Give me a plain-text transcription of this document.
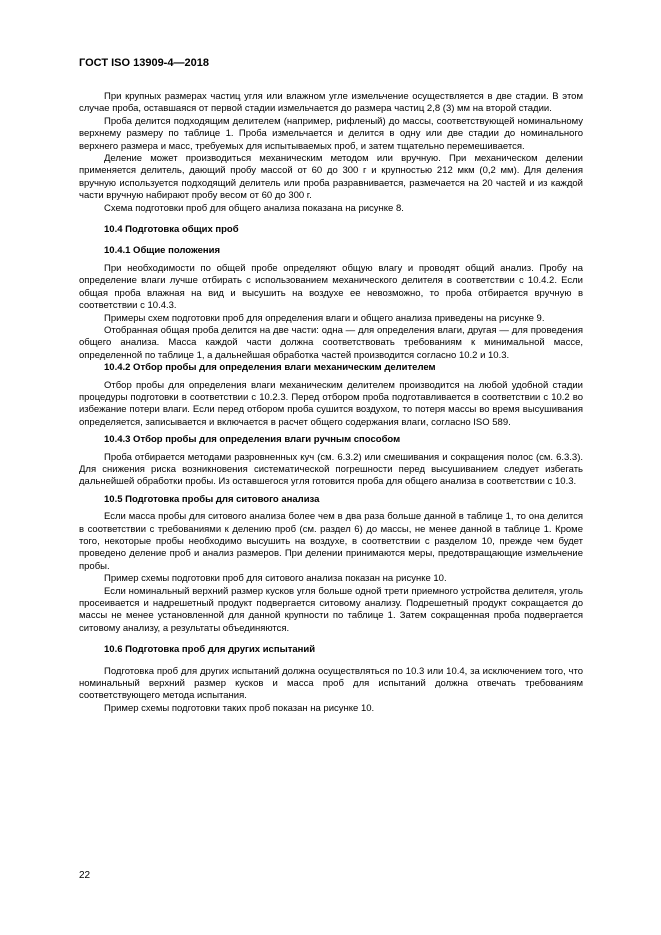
ГОСТ ISO 13909-4—2018

При крупных размерах частиц угля или влажном угле измельчение осуществляется в две стадии. В этом случае проба, оставшаяся от первой стадии измельчается до размера частиц 2,8 (3) мм на второй стадии.

Проба делится подходящим делителем (например, рифленый) до массы, соответствующей номинальному верхнему размеру по таблице 1. Проба измельчается и делится в одну или две стадии до номинального верхнего размера и масс, требуемых для испытываемых проб, и затем тщательно перемешивается.

Деление может производиться механическим методом или вручную. При механическом делении применяется делитель, дающий пробу массой от 60 до 300 г и крупностью 212 мкм (0,2 мм). Для деления вручную используется подходящий делитель или проба разравнивается, размечается на 20 частей и из каждой части вручную набирают пробу весом от 60 до 300 г.

Схема подготовки проб для общего анализа показана на рисунке 8.

10.4 Подготовка общих проб

10.4.1 Общие положения

При необходимости по общей пробе определяют общую влагу и проводят общий анализ. Пробу на определение влаги лучше отбирать с использованием механического делителя в соответствии с 10.4.2. Если общая проба влажная на вид и высушить на воздухе ее невозможно, то проба отбирается вручную в соответствии с 10.4.3.

Примеры схем подготовки проб для определения влаги и общего анализа приведены на рисунке 9.

Отобранная общая проба делится на две части: одна — для определения влаги, другая — для проведения общего анализа. Масса каждой части должна соответствовать требованиям к минимальной массе, определенной по таблице 1, а дальнейшая обработка частей производится согласно 10.2 и 10.3.

10.4.2 Отбор пробы для определения влаги механическим делителем

Отбор пробы для определения влаги механическим делителем производится на любой удобной стадии процедуры подготовки в соответствии с 10.2.3. Перед отбором проба подготавливается в соответствии с 10.2 во избежание потери влаги. Если перед отбором проба сушится воздухом, то потеря массы во время высушивания определяется, записывается и включается в расчет общего содержания влаги, согласно ISO 589.

10.4.3 Отбор пробы для определения влаги ручным способом

Проба отбирается методами разровненных куч (см. 6.3.2) или смешивания и сокращения полос (см. 6.3.3). Для снижения риска возникновения систематической погрешности перед высушиванием следует избегать дальнейшей обработки пробы. Из оставшегося угля готовится проба для общего анализа в соответствии с 10.3.

10.5 Подготовка пробы для ситового анализа

Если масса пробы для ситового анализа более чем в два раза больше данной в таблице 1, то она делится в соответствии с требованиями к делению проб (см. раздел 6) до массы, не менее данной в таблице 1. Кроме того, некоторые пробы необходимо высушить на воздухе, в соответствии с разделом 10, прежде чем будет проведено деление проб и анализ размеров. При делении принимаются меры, предотвращающие измельчение пробы.

Пример схемы подготовки проб для ситового анализа показан на рисунке 10.

Если номинальный верхний размер кусков угля больше одной трети приемного устройства делителя, уголь просеивается и надрешетный продукт подвергается ситовому анализу. Подрешетный продукт сокращается до массы не менее установленной для данной крупности по таблице 1. Затем сокращенная проба подвергается ситовому анализу, а результаты объединяются.

10.6 Подготовка проб для других испытаний

Подготовка проб для других испытаний должна осуществляться по 10.3 или 10.4, за исключением того, что номинальный верхний размер кусков и масса проб для испытаний должна отвечать требованиям соответствующего метода испытания.

Пример схемы подготовки таких проб показан на рисунке 10.

22
